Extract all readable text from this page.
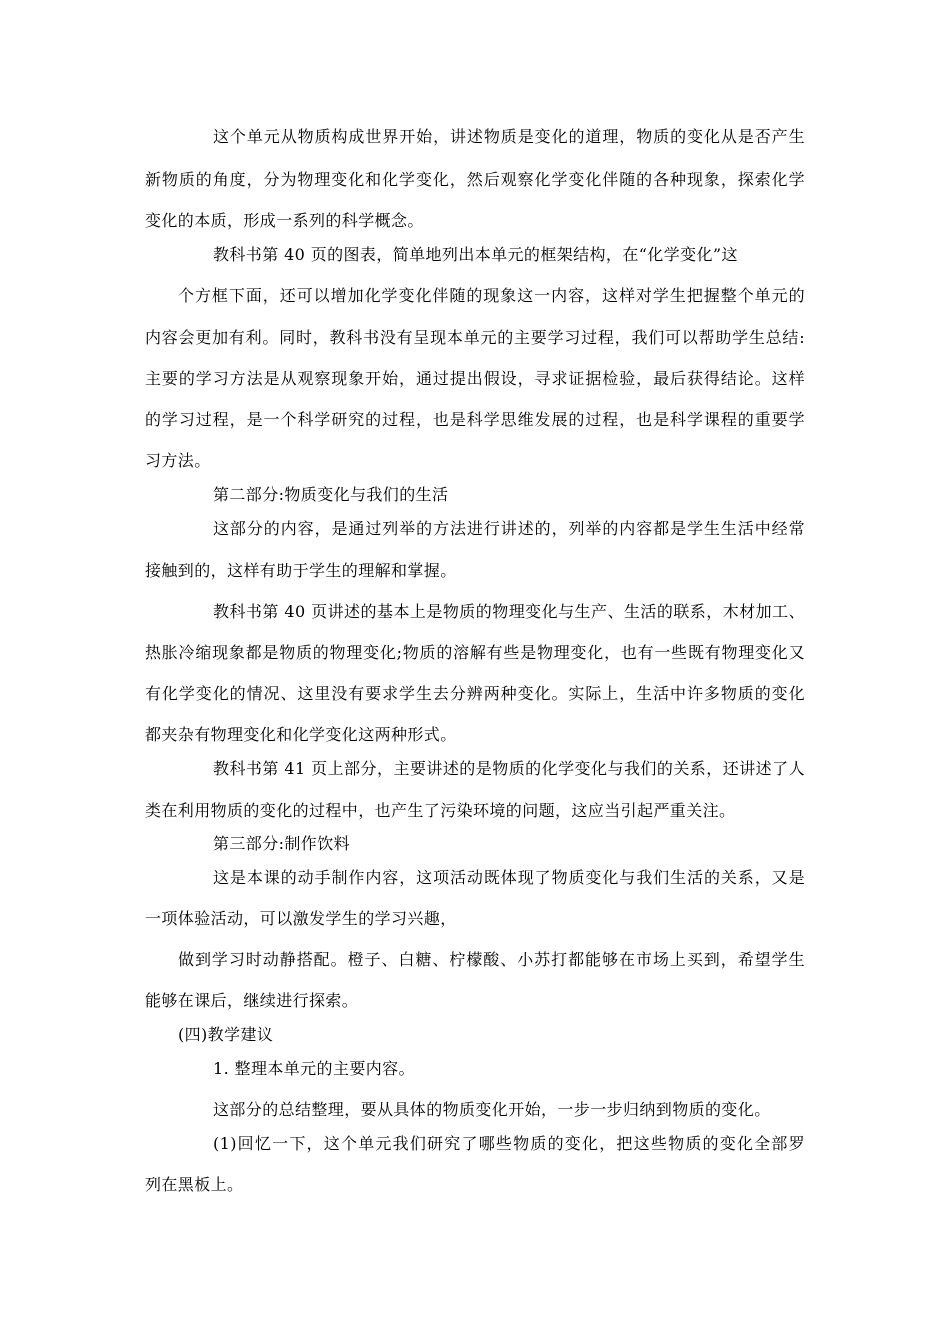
这个单元从物质构成世界开始，讲述物质是变化的道理，物质的变化从是否产生
新物质的角度，分为物理变化和化学变化，然后观察化学变化伴随的各种现象，探索化学
变化的本质，形成一系列的科学概念。
教科书第 40 页的图表，简单地列出本单元的框架结构，在“化学变化”这
个方框下面，还可以增加化学变化伴随的现象这一内容，这样对学生把握整个单元的
内容会更加有利。同时，教科书没有呈现本单元的主要学习过程，我们可以帮助学生总结:
主要的学习方法是从观察现象开始，通过提出假设，寻求证据检验，最后获得结论。这样
的学习过程，是一个科学研究的过程，也是科学思维发展的过程，也是科学课程的重要学
习方法。
第二部分:物质变化与我们的生活
这部分的内容，是通过列举的方法进行讲述的，列举的内容都是学生生活中经常
接触到的，这样有助于学生的理解和掌握。
教科书第 40 页讲述的基本上是物质的物理变化与生产、生活的联系，木材加工、
热胀冷缩现象都是物质的物理变化;物质的溶解有些是物理变化，也有一些既有物理变化又
有化学变化的情况、这里没有要求学生去分辨两种变化。实际上，生活中许多物质的变化
都夹杂有物理变化和化学变化这两种形式。
教科书第 41 页上部分，主要讲述的是物质的化学变化与我们的关系，还讲述了人
类在利用物质的变化的过程中，也产生了污染环境的问题，这应当引起严重关注。
第三部分:制作饮料
这是本课的动手制作内容，这项活动既体现了物质变化与我们生活的关系，又是
一项体验活动，可以激发学生的学习兴趣，
做到学习时动静搭配。橙子、白糖、柠檬酸、小苏打都能够在市场上买到，希望学生
能够在课后，继续进行探索。
(四)教学建议
1. 整理本单元的主要内容。
这部分的总结整理，要从具体的物质变化开始，一步一步归纳到物质的变化。
(1)回忆一下，这个单元我们研究了哪些物质的变化，把这些物质的变化全部罗
列在黑板上。
